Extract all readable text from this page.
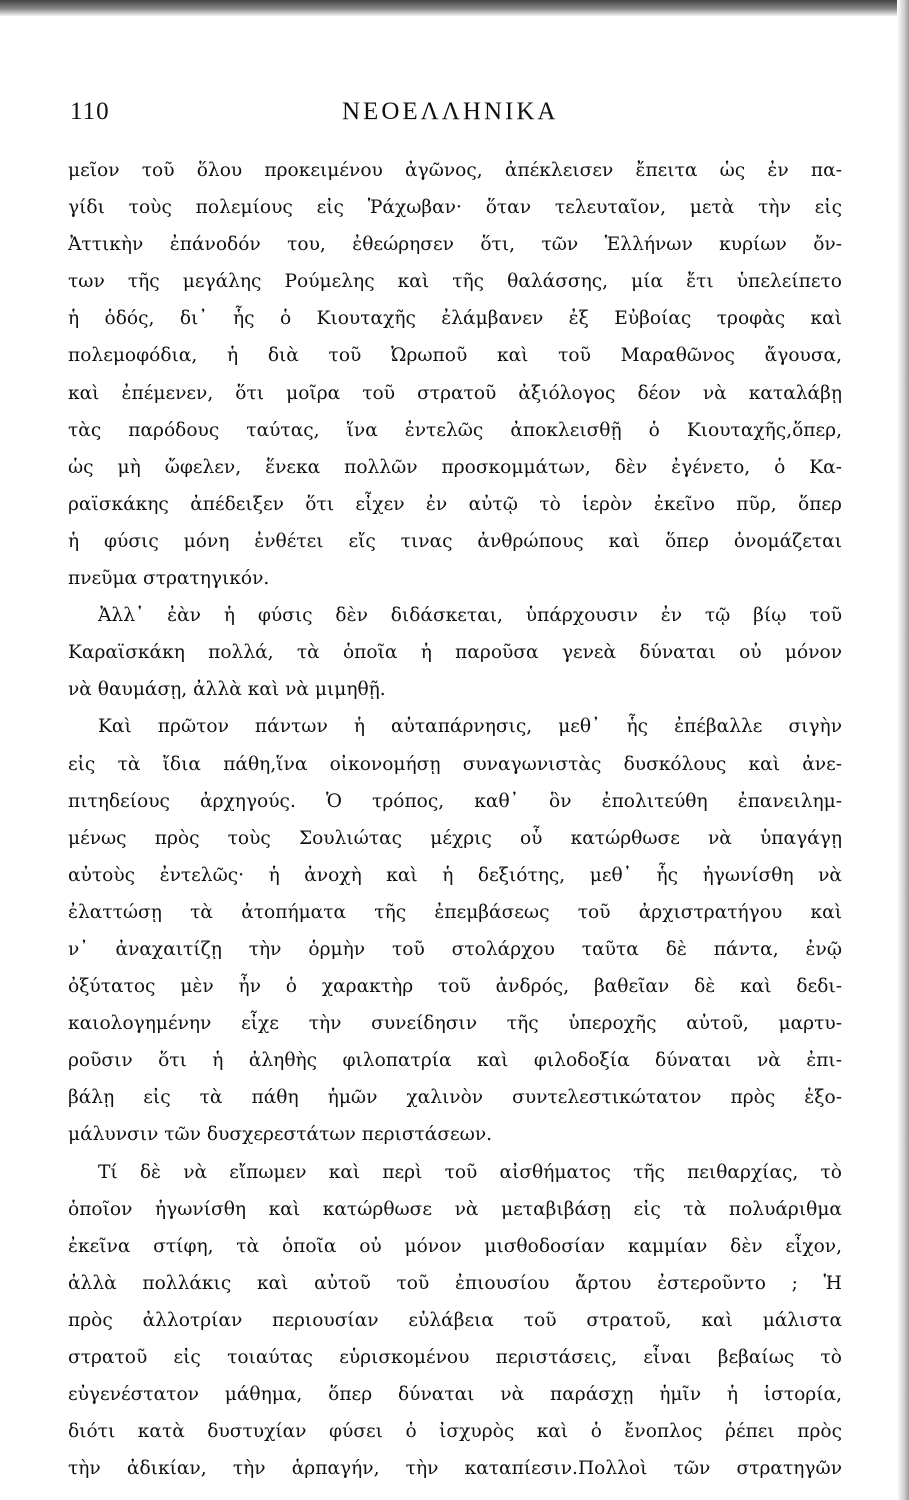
110	ΝΕΟΕΛΛΗΝΙΚΑ
μεῖον τοῦ ὅλου προκειμένου ἀγῶνος, ἀπέκλεισεν ἔπειτα ὡς ἐν πα-
γίδι τοὺς πολεμίους εἰς Ῥάχωβαν· ὅταν τελευταῖον, μετὰ τὴν εἰς
Ἀττικὴν ἐπάνοδόν του, ἐθεώρησεν ὅτι, τῶν Ἑλλήνων κυρίων ὄν-
των τῆς μεγάλης Ρούμελης καὶ τῆς θαλάσσης, μία ἔτι ὑπελείπετο
ἡ ὁδός, δι᾽ ἧς ὁ Κιουταχῆς ἐλάμβανεν ἐξ Εὐβοίας τροφὰς καὶ
πολεμοφόδια, ἡ διὰ τοῦ Ὠρωποῦ καὶ τοῦ Μαραθῶνος ἄγουσα,
καὶ ἐπέμενεν, ὅτι μοῖρα τοῦ στρατοῦ ἀξιόλογος δέον νὰ καταλάβῃ
τὰς παρόδους ταύτας, ἵνα ἐντελῶς ἀποκλεισθῇ ὁ Κιουταχῆς,ὅπερ,
ὡς μὴ ὤφελεν, ἕνεκα πολλῶν προσκομμάτων, δὲν ἐγένετο, ὁ Κα-
ραϊσκάκης ἀπέδειξεν ὅτι εἶχεν ἐν αὐτῷ τὸ ἱερὸν ἐκεῖνο πῦρ, ὅπερ
ἡ φύσις μόνη ἐνθέτει εἴς τινας ἀνθρώπους καὶ ὅπερ ὀνομάζεται
πνεῦμα στρατηγικόν.
Ἀλλ᾽ ἐὰν ἡ φύσις δὲν διδάσκεται, ὑπάρχουσιν ἐν τῷ βίῳ τοῦ
Καραϊσκάκη πολλά, τὰ ὁποῖα ἡ παροῦσα γενεὰ δύναται οὐ μόνον
νὰ θαυμάσῃ, ἀλλὰ καὶ νὰ μιμηθῇ.
Καὶ πρῶτον πάντων ἡ αὐταπάρνησις, μεθ᾽ ἧς ἐπέβαλλε σιγὴν
εἰς τὰ ἴδια πάθη,ἵνα οἰκονομήσῃ συναγωνιστὰς δυσκόλους καὶ ἀνε-
πιτηδείους ἀρχηγούς. Ὁ τρόπος, καθ᾽ ὃν ἐπολιτεύθη ἐπανειλημ-
μένως πρὸς τοὺς Σουλιώτας μέχρις οὗ κατώρθωσε νὰ ὑπαγάγῃ
αὐτοὺς ἐντελῶς· ἡ ἀνοχὴ καὶ ἡ δεξιότης, μεθ᾽ ἧς ἠγωνίσθη νὰ
ἐλαττώσῃ τὰ ἀτοπήματα τῆς ἐπεμβάσεως τοῦ ἀρχιστρατήγου καὶ
ν᾽ ἀναχαιτίζῃ τὴν ὁρμὴν τοῦ στολάρχου ταῦτα δὲ πάντα, ἐνῷ
ὀξύτατος μὲν ἦν ὁ χαρακτὴρ τοῦ ἀνδρός, βαθεῖαν δὲ καὶ δεδι-
καιολογημένην εἶχε τὴν συνείδησιν τῆς ὑπεροχῆς αὐτοῦ, μαρτυ-
ροῦσιν ὅτι ἡ ἀληθὴς φιλοπατρία καὶ φιλοδοξία δύναται νὰ ἐπι-
βάλῃ εἰς τὰ πάθη ἡμῶν χαλινὸν συντελεστικώτατον πρὸς ἐξο-
μάλυνσιν τῶν δυσχερεστάτων περιστάσεων.
Τί δὲ νὰ εἴπωμεν καὶ περὶ τοῦ αἰσθήματος τῆς πειθαρχίας, τὸ
ὁποῖον ἠγωνίσθη καὶ κατώρθωσε νὰ μεταβιβάσῃ εἰς τὰ πολυάριθμα
ἐκεῖνα στίφη, τὰ ὁποῖα οὐ μόνον μισθοδοσίαν καμμίαν δὲν εἶχον,
ἀλλὰ πολλάκις καὶ αὐτοῦ τοῦ ἐπιουσίου ἄρτου ἐστεροῦντο ; Ἡ
πρὸς ἀλλοτρίαν περιουσίαν εὐλάβεια τοῦ στρατοῦ, καὶ μάλιστα
στρατοῦ εἰς τοιαύτας εὑρισκομένου περιστάσεις, εἶναι βεβαίως τὸ
εὐγενέστατον μάθημα, ὅπερ δύναται νὰ παράσχῃ ἡμῖν ἡ ἱστορία,
διότι κατὰ δυστυχίαν φύσει ὁ ἰσχυρὸς καὶ ὁ ἔνοπλος ῥέπει πρὸς
τὴν ἀδικίαν, τὴν ἁρπαγήν, τὴν καταπίεσιν.Πολλοὶ τῶν στρατηγῶν
